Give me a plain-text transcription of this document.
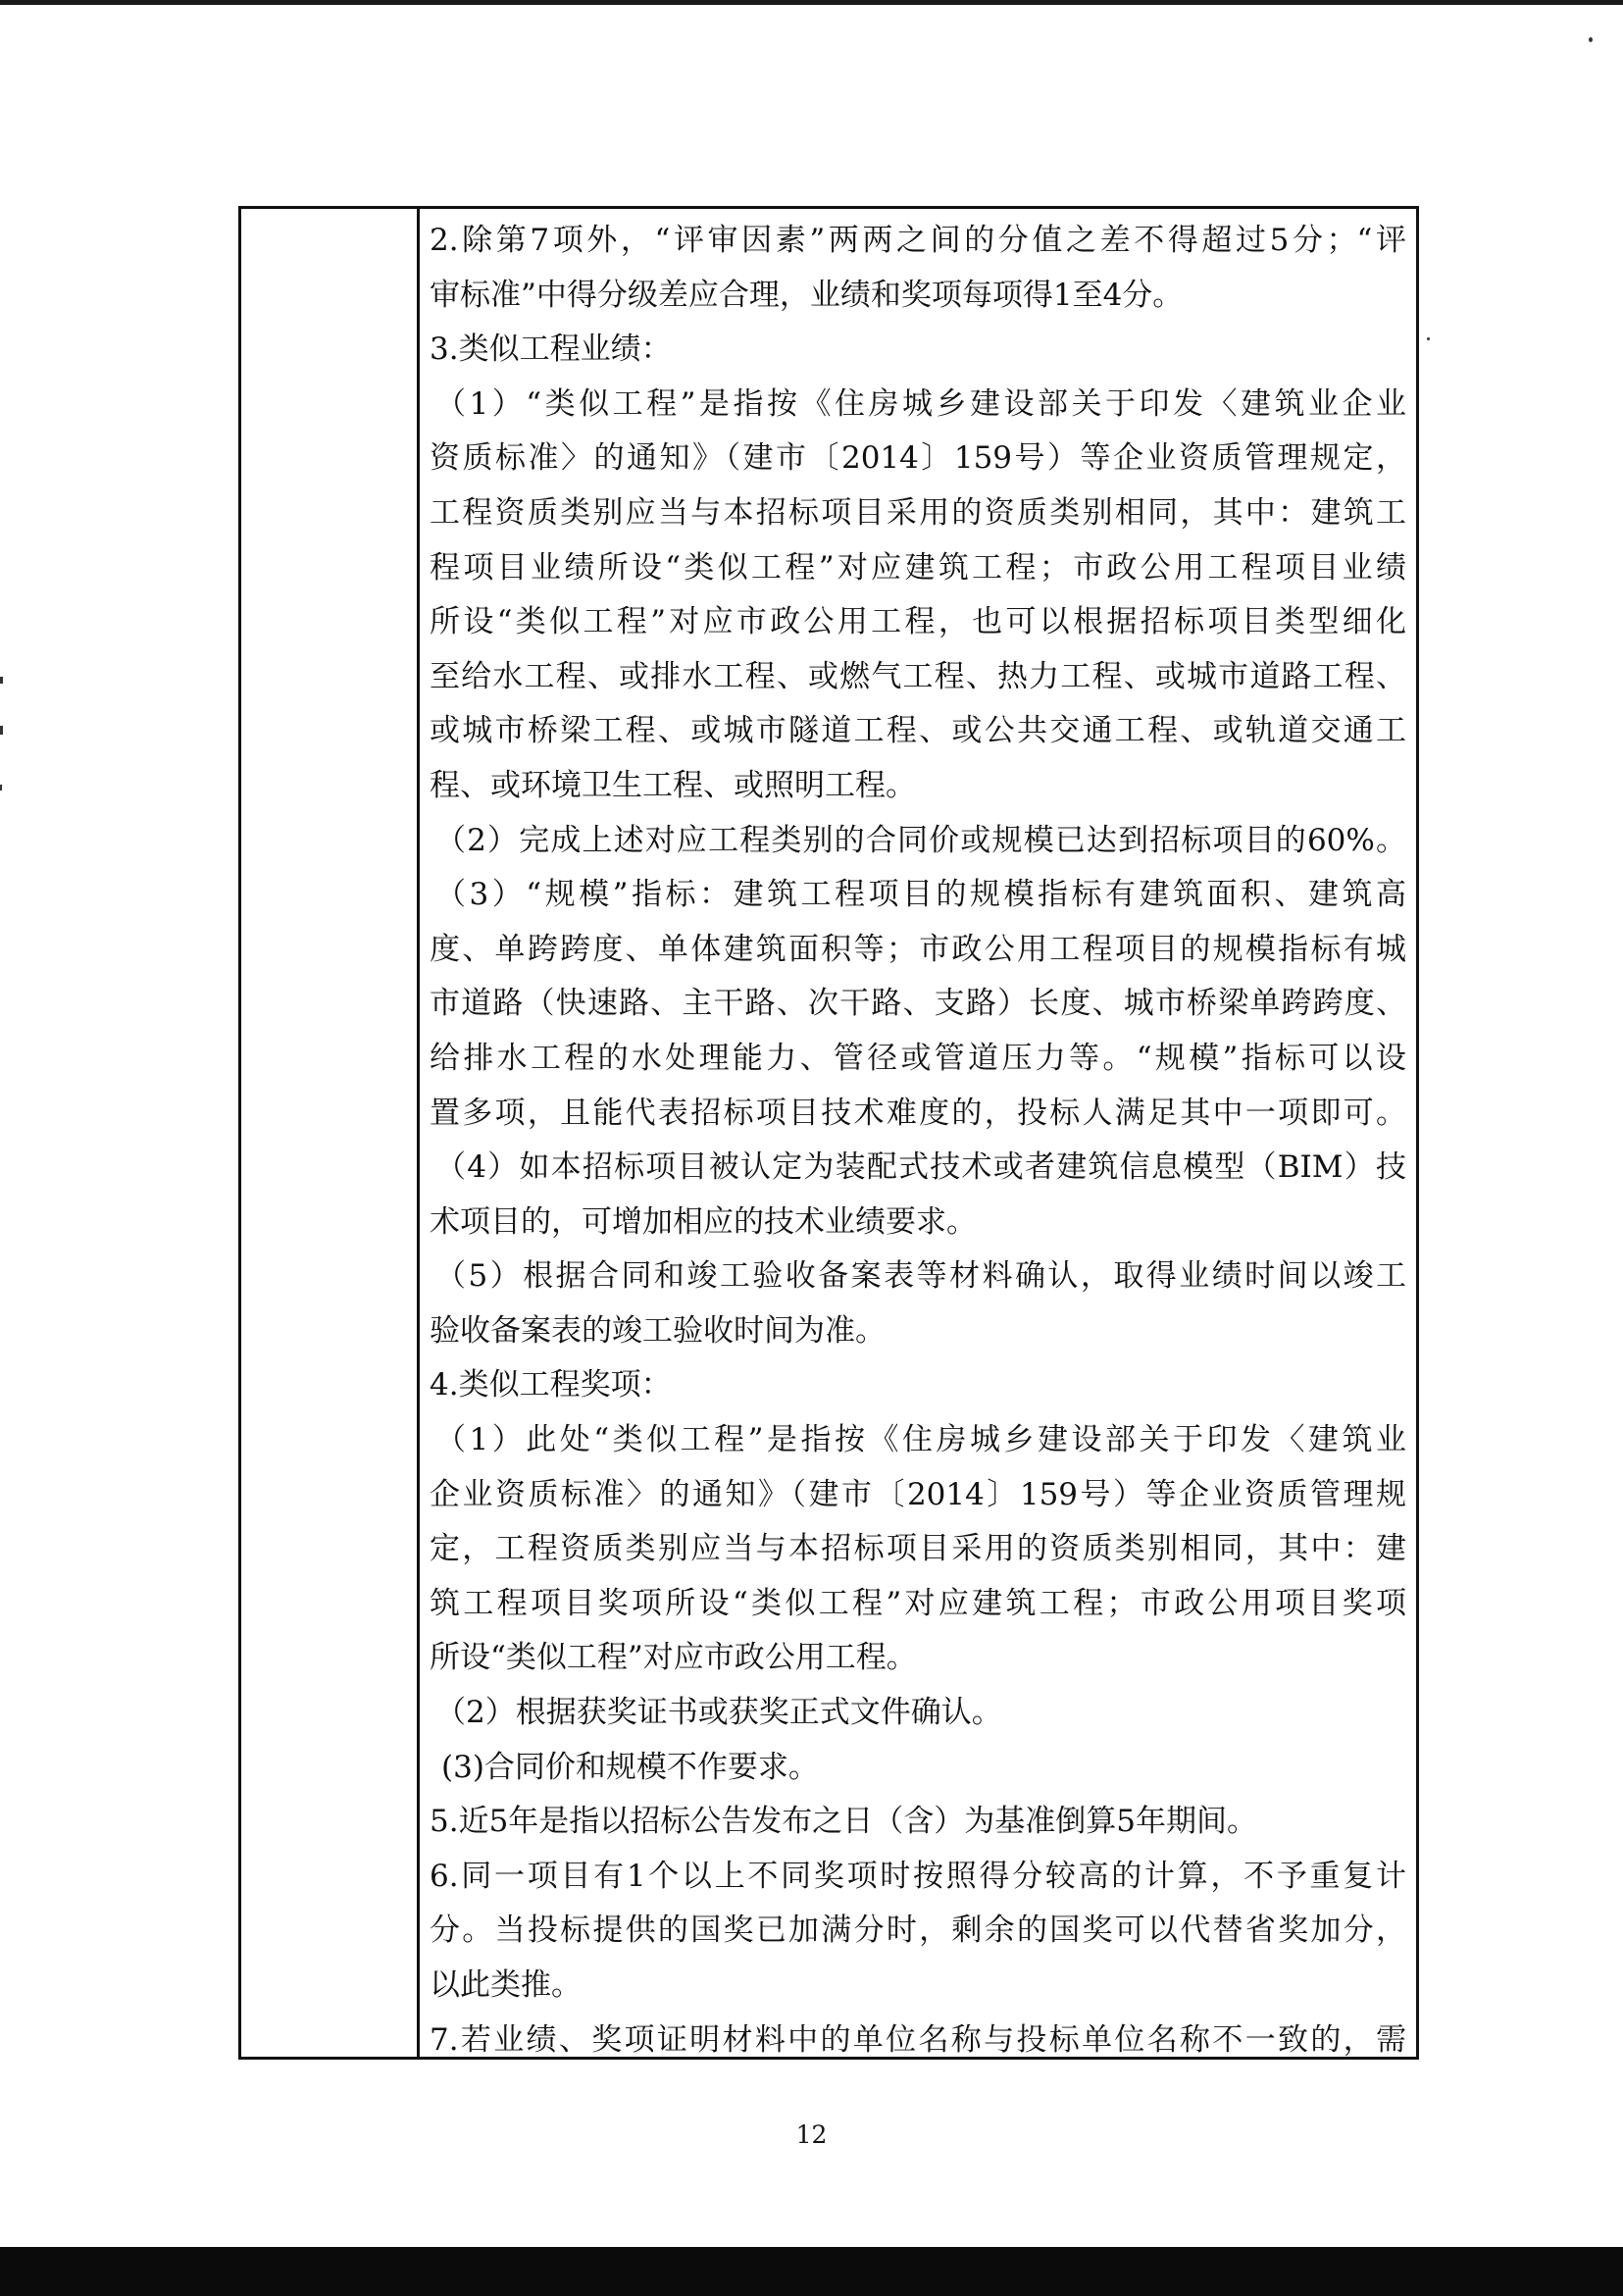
2.除第7项外，“评审因素”两两之间的分值之差不得超过5分；“评
审标准”中得分级差应合理，业绩和奖项每项得1至4分。
3.类似工程业绩：
（1）“类似工程”是指按《住房城乡建设部关于印发〈建筑业企业
资质标准〉的通知》（建市〔2014〕159号）等企业资质管理规定，
工程资质类别应当与本招标项目采用的资质类别相同，其中：建筑工
程项目业绩所设“类似工程”对应建筑工程；市政公用工程项目业绩
所设“类似工程”对应市政公用工程，也可以根据招标项目类型细化
至给水工程、或排水工程、或燃气工程、热力工程、或城市道路工程、
或城市桥梁工程、或城市隧道工程、或公共交通工程、或轨道交通工
程、或环境卫生工程、或照明工程。
（2）完成上述对应工程类别的合同价或规模已达到招标项目的60%。
（3）“规模”指标：建筑工程项目的规模指标有建筑面积、建筑高
度、单跨跨度、单体建筑面积等；市政公用工程项目的规模指标有城
市道路（快速路、主干路、次干路、支路）长度、城市桥梁单跨跨度、
给排水工程的水处理能力、管径或管道压力等。“规模”指标可以设
置多项，且能代表招标项目技术难度的，投标人满足其中一项即可。
（4）如本招标项目被认定为装配式技术或者建筑信息模型（BIM）技
术项目的，可增加相应的技术业绩要求。
（5）根据合同和竣工验收备案表等材料确认，取得业绩时间以竣工
验收备案表的竣工验收时间为准。
4.类似工程奖项：
（1）此处“类似工程”是指按《住房城乡建设部关于印发〈建筑业
企业资质标准〉的通知》（建市〔2014〕159号）等企业资质管理规
定，工程资质类别应当与本招标项目采用的资质类别相同，其中：建
筑工程项目奖项所设“类似工程”对应建筑工程；市政公用项目奖项
所设“类似工程”对应市政公用工程。
（2）根据获奖证书或获奖正式文件确认。
(3)合同价和规模不作要求。
5.近5年是指以招标公告发布之日（含）为基准倒算5年期间。
6.同一项目有1个以上不同奖项时按照得分较高的计算，不予重复计
分。当投标提供的国奖已加满分时，剩余的国奖可以代替省奖加分，
以此类推。
7.若业绩、奖项证明材料中的单位名称与投标单位名称不一致的，需
12
